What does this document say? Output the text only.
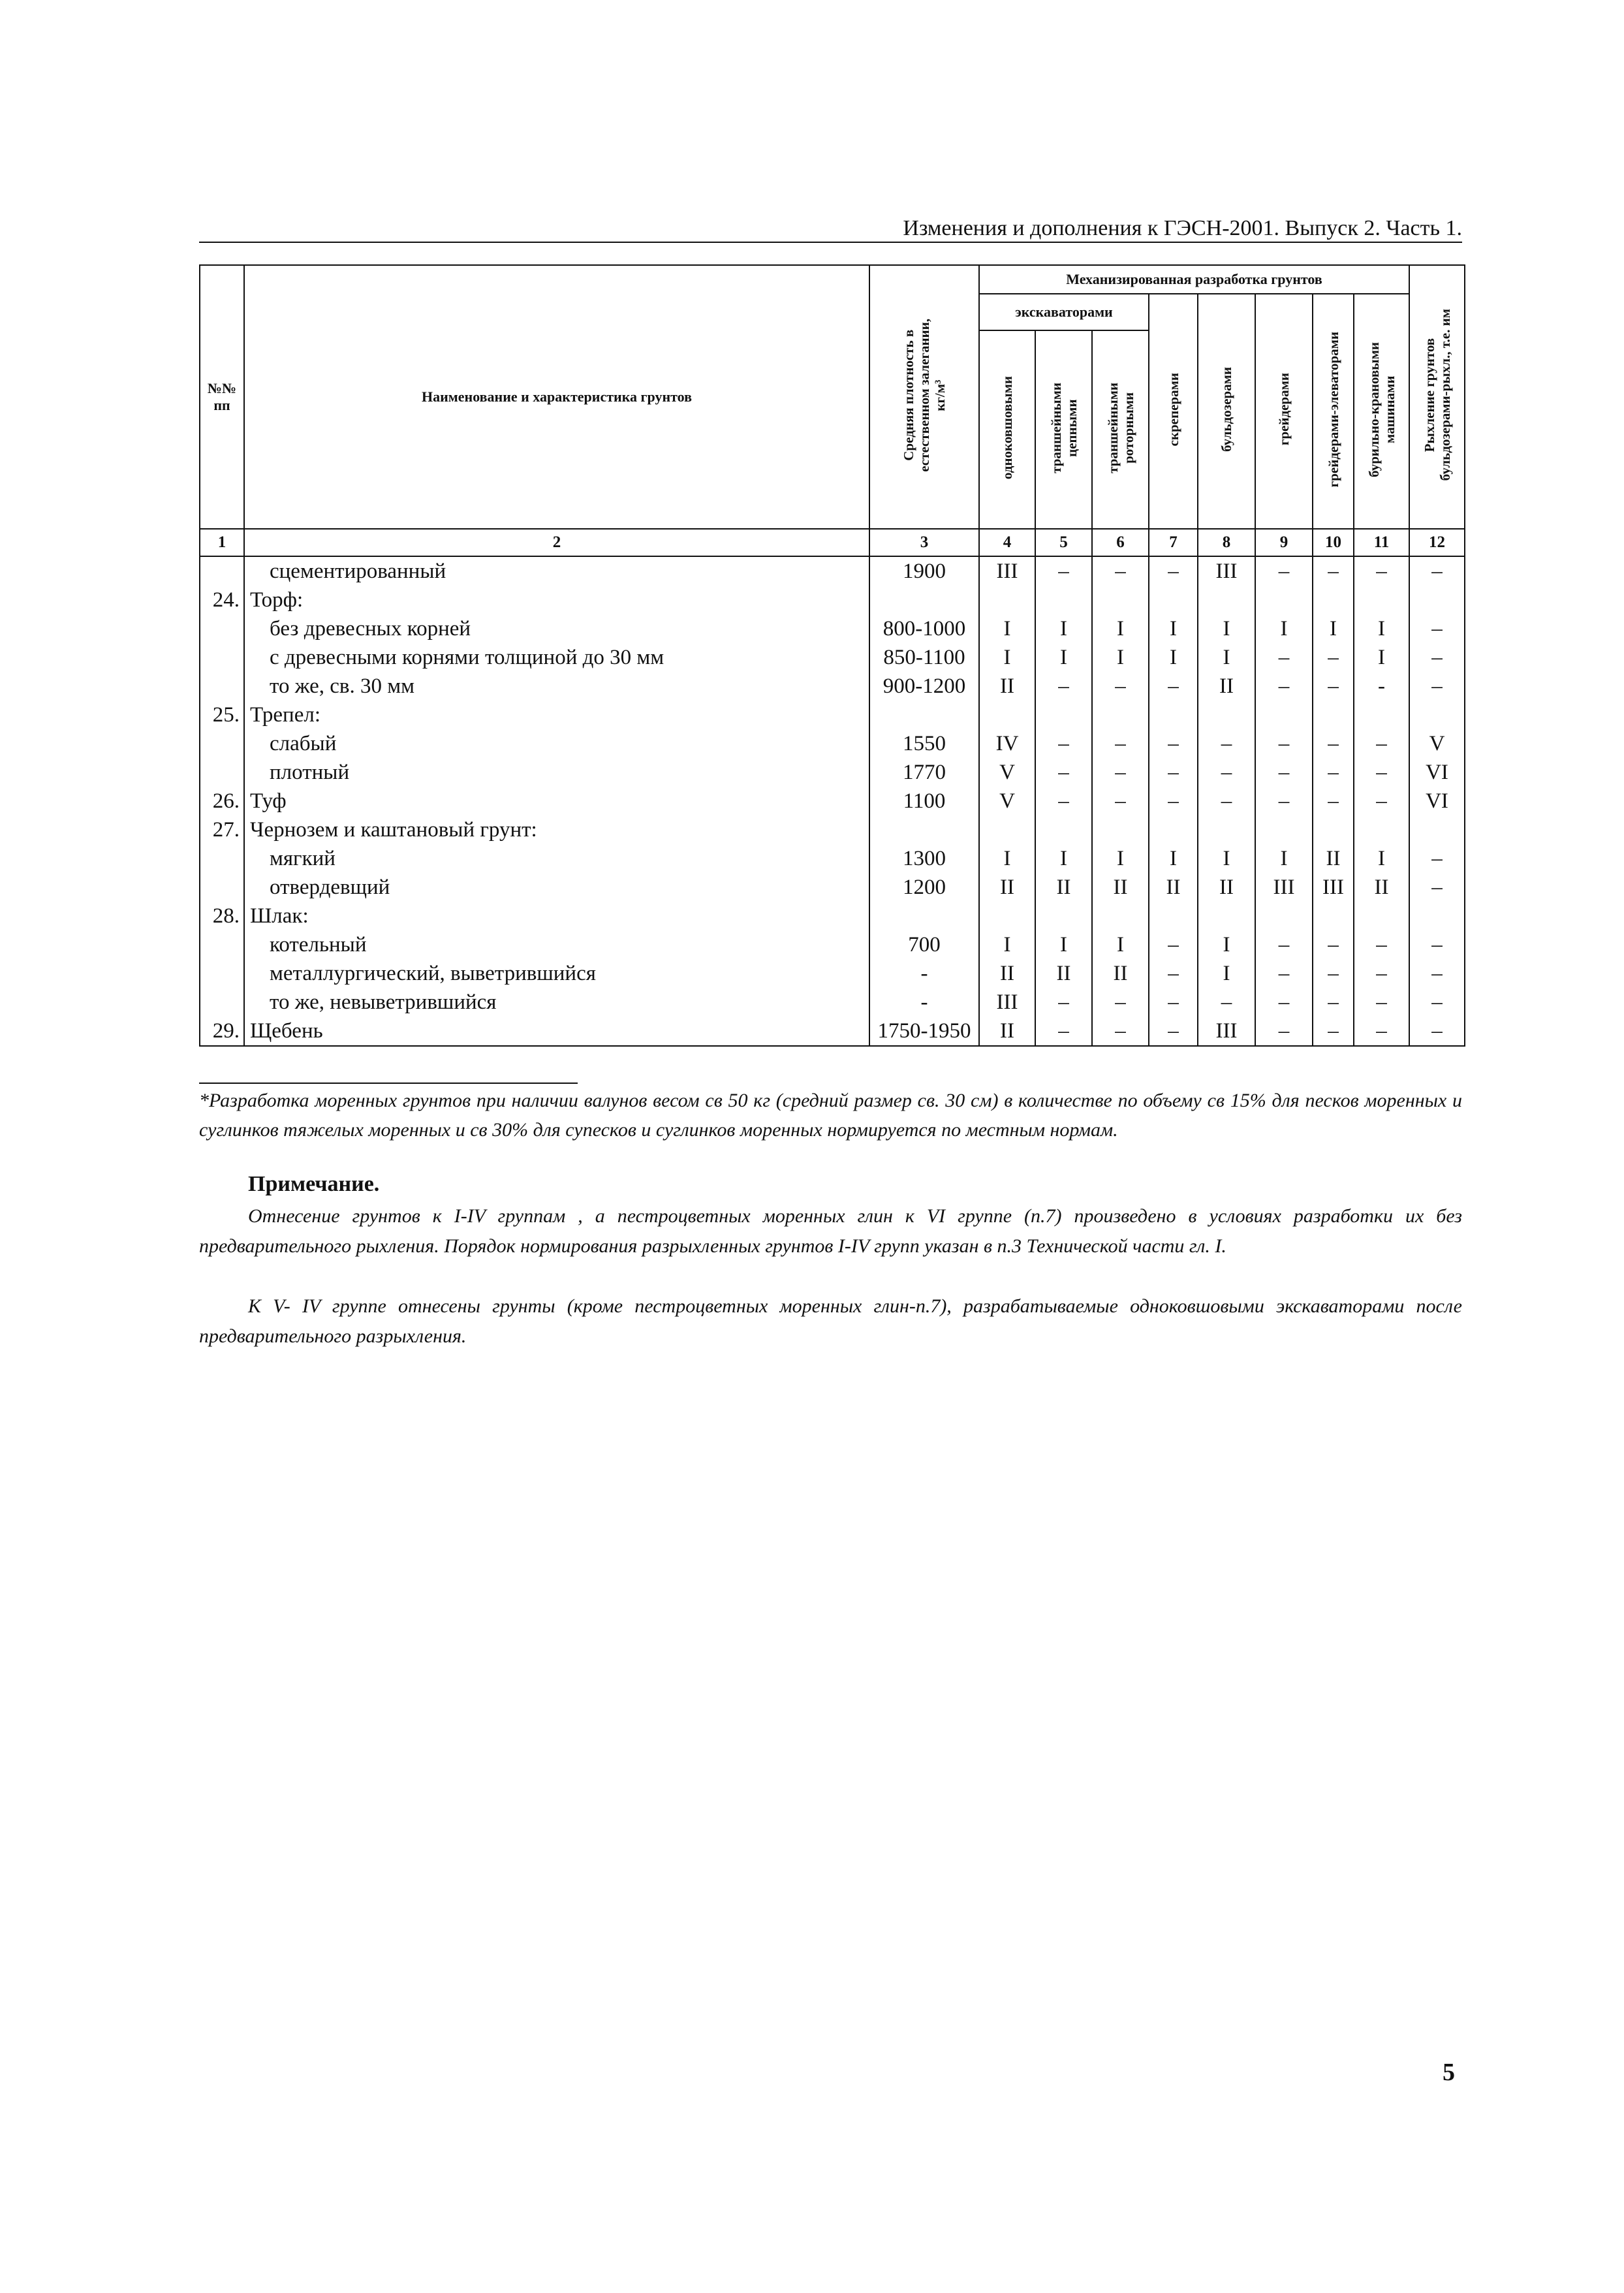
Изменения и дополнения к ГЭСН-2001. Выпуск 2. Часть 1.
№№
пп	Наименование и характеристика грунтов	Средняя плотность в
естественном залегании,
кг/м³	Механизированная разработка грунтов								Рыхление грунтов
бульдозерами-рыхл., т.е. им
			экскаваторами			скреперами	бульдозерами	грейдерами	грейдерами-элеваторами	бурильно-крановыми
машинами	
			одноковшовыми	траншейными
цепными	траншейными
роторными						
1	2	3	4	5	6	7	8	9	10	11	12
	сцементированный	1900	III	–	–	–	III	–	–	–	–
24.	Торф:										
	без древесных корней	800-1000	I	I	I	I	I	I	I	I	–
	с древесными корнями толщиной до 30 мм	850-1100	I	I	I	I	I	–	–	I	–
	то же, св. 30 мм	900-1200	II	–	–	–	II	–	–	-	–
25.	Трепел:										
	слабый	1550	IV	–	–	–	–	–	–	–	V
	плотный	1770	V	–	–	–	–	–	–	–	VI
26.	Туф	1100	V	–	–	–	–	–	–	–	VI
27.	Чернозем и каштановый грунт:										
	мягкий	1300	I	I	I	I	I	I	II	I	–
	отвердевщий	1200	II	II	II	II	II	III	III	II	–
28.	Шлак:										
	котельный	700	I	I	I	–	I	–	–	–	–
	металлургический, выветрившийся	-	II	II	II	–	I	–	–	–	–
	то же, невыветрившийся	-	III	–	–	–	–	–	–	–	–
29.	Щебень	1750-1950	II	–	–	–	III	–	–	–	–
*Разработка моренных грунтов при наличии валунов весом св 50 кг (средний размер св. 30 см) в количестве по объему св 15% для песков моренных и суглинков тяжелых моренных и св 30% для супесков и суглинков моренных нормируется по местным нормам.
Примечание.
Отнесение грунтов к I-IV группам , а пестроцветных моренных глин к VI группе (п.7) произведено в условиях разработки их без предварительного рыхления. Порядок нормирования разрыхленных грунтов I-IV групп указан в п.3 Технической части гл. I.
К V- IV группе отнесены грунты (кроме пестроцветных моренных глин-п.7), разрабатываемые одноковшовыми экскаваторами после предварительного разрыхления.
5
